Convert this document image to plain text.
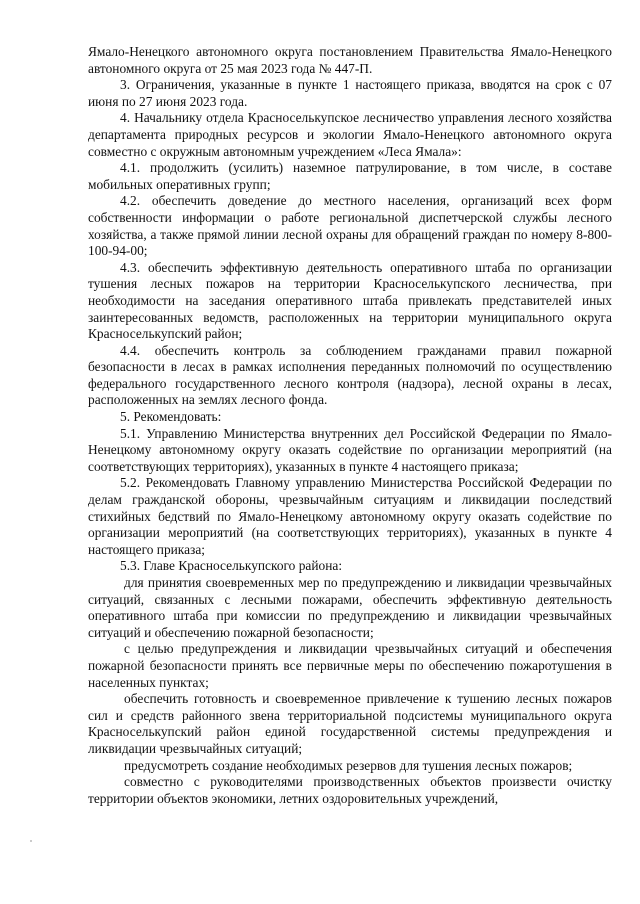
Ямало-Ненецкого автономного округа постановлением Правительства Ямало-Ненецкого автономного округа от 25 мая 2023 года № 447-П.

3. Ограничения, указанные в пункте 1 настоящего приказа, вводятся на срок с 07 июня по 27 июня 2023 года.

4. Начальнику отдела Красноселькупское лесничество управления лесного хозяйства департамента природных ресурсов и экологии Ямало-Ненецкого автономного округа совместно с окружным автономным учреждением «Леса Ямала»:

4.1. продолжить (усилить) наземное патрулирование, в том числе, в составе мобильных оперативных групп;

4.2. обеспечить доведение до местного населения, организаций всех форм собственности информации о работе региональной диспетчерской службы лесного хозяйства, а также прямой линии лесной охраны для обращений граждан по номеру 8-800-100-94-00;

4.3. обеспечить эффективную деятельность оперативного штаба по организации тушения лесных пожаров на территории Красноселькупского лесничества, при необходимости на заседания оперативного штаба привлекать представителей иных заинтересованных ведомств, расположенных на территории муниципального округа Красноселькупский район;

4.4. обеспечить контроль за соблюдением гражданами правил пожарной безопасности в лесах в рамках исполнения переданных полномочий по осуществлению федерального государственного лесного контроля (надзора), лесной охраны в лесах, расположенных на землях лесного фонда.

5. Рекомендовать:

5.1. Управлению Министерства внутренних дел Российской Федерации по Ямало-Ненецкому автономному округу оказать содействие по организации мероприятий (на соответствующих территориях), указанных в пункте 4 настоящего приказа;

5.2. Рекомендовать Главному управлению Министерства Российской Федерации по делам гражданской обороны, чрезвычайным ситуациям и ликвидации последствий стихийных бедствий по Ямало-Ненецкому автономному округу оказать содействие по организации мероприятий (на соответствующих территориях), указанных в пункте 4 настоящего приказа;

5.3. Главе Красноселькупского района:

для принятия своевременных мер по предупреждению и ликвидации чрезвычайных ситуаций, связанных с лесными пожарами, обеспечить эффективную деятельность оперативного штаба при комиссии по предупреждению и ликвидации чрезвычайных ситуаций и обеспечению пожарной безопасности;

с целью предупреждения и ликвидации чрезвычайных ситуаций и обеспечения пожарной безопасности принять все первичные меры по обеспечению пожаротушения в населенных пунктах;

обеспечить готовность и своевременное привлечение к тушению лесных пожаров сил и средств районного звена территориальной подсистемы муниципального округа Красноселькупский район единой государственной системы предупреждения и ликвидации чрезвычайных ситуаций;

предусмотреть создание необходимых резервов для тушения лесных пожаров;

совместно с руководителями производственных объектов произвести очистку территории объектов экономики, летних оздоровительных учреждений,
